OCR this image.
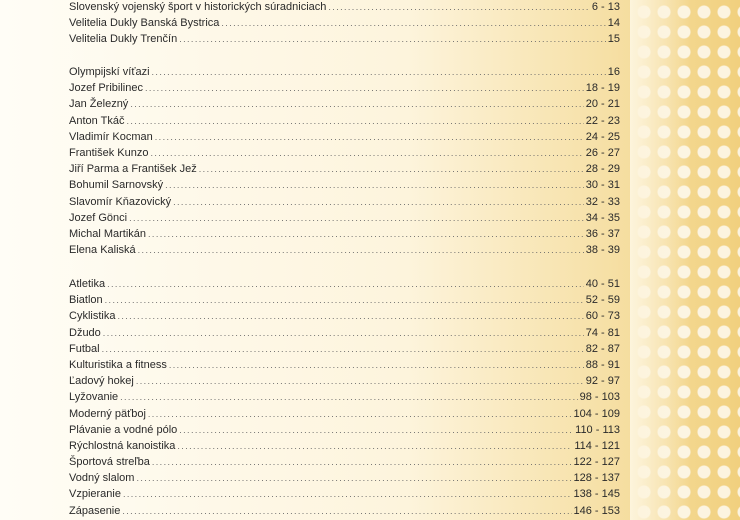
Slovenský vojenský šport v historických súradniciach .....	6 - 13
Velitelia Dukly Banská Bystrica .....	14
Velitelia Dukly Trenčín .....	15
Olympijskí víťazi .....	16
Jozef Pribilinec .....	18 - 19
Jan Železný .....	20 - 21
Anton Tkáč .....	22 - 23
Vladimír Kocman .....	24 - 25
František Kunzo .....	26 - 27
Jiří Parma a František Jež .....	28 - 29
Bohumil Sarnovský .....	30 - 31
Slavomír Kňazovický .....	32 - 33
Jozef Gönci .....	34 - 35
Michal Martikán .....	36 - 37
Elena Kaliská .....	38 - 39
Atletika .....	40 - 51
Biatlon .....	52 - 59
Cyklistika .....	60 - 73
Džudo .....	74 - 81
Futbal .....	82 - 87
Kulturistika a fitness .....	88 - 91
Ľadový hokej .....	92 - 97
Lyžovanie .....	98 - 103
Moderný päťboj .....	104 - 109
Plávanie a vodné pólo .....	110 - 113
Rýchlostná kanoistika .....	114 - 121
Športová streľba .....	122 - 127
Vodný slalom .....	128 - 137
Vzpieranie .....	138 - 145
Zápasenie .....	146 - 153
